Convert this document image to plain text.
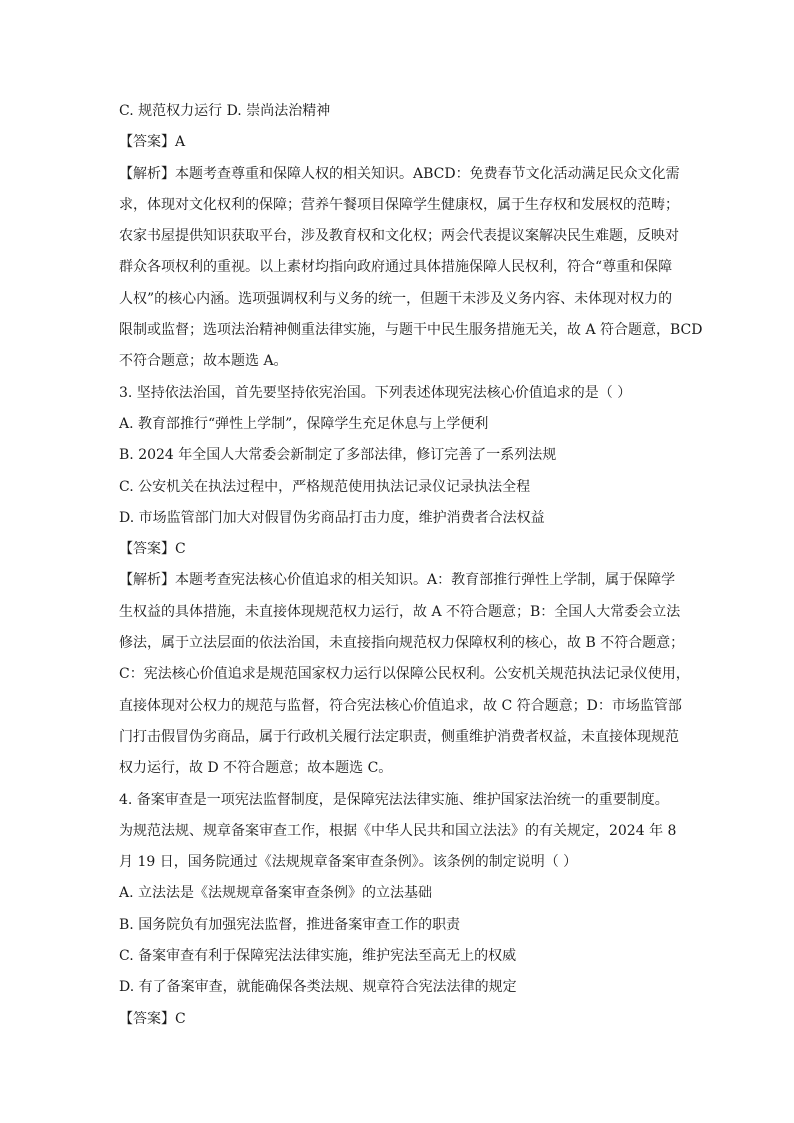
C. 规范权力运行 D. 崇尚法治精神
【答案】A
【解析】本题考查尊重和保障人权的相关知识。ABCD：免费春节文化活动满足民众文化需
求，体现对文化权利的保障；营养午餐项目保障学生健康权，属于生存权和发展权的范畴；
农家书屋提供知识获取平台，涉及教育权和文化权；两会代表提议案解决民生难题，反映对
群众各项权利的重视。以上素材均指向政府通过具体措施保障人民权利，符合“尊重和保障
人权”的核心内涵。选项强调权利与义务的统一，但题干未涉及义务内容、未体现对权力的
限制或监督；选项法治精神侧重法律实施，与题干中民生服务措施无关，故 A 符合题意，BCD
不符合题意；故本题选 A。
3. 坚持依法治国，首先要坚持依宪治国。下列表述体现宪法核心价值追求的是（ ）
A. 教育部推行“弹性上学制”，保障学生充足休息与上学便利
B. 2024 年全国人大常委会新制定了多部法律，修订完善了一系列法规
C. 公安机关在执法过程中，严格规范使用执法记录仪记录执法全程
D. 市场监管部门加大对假冒伪劣商品打击力度，维护消费者合法权益
【答案】C
【解析】本题考查宪法核心价值追求的相关知识。A：教育部推行弹性上学制，属于保障学
生权益的具体措施，未直接体现规范权力运行，故 A 不符合题意；B：全国人大常委会立法
修法，属于立法层面的依法治国，未直接指向规范权力保障权利的核心，故 B 不符合题意；
C：宪法核心价值追求是规范国家权力运行以保障公民权利。公安机关规范执法记录仪使用，
直接体现对公权力的规范与监督，符合宪法核心价值追求，故 C 符合题意；D：市场监管部
门打击假冒伪劣商品，属于行政机关履行法定职责，侧重维护消费者权益，未直接体现规范
权力运行，故 D 不符合题意；故本题选 C。
4. 备案审查是一项宪法监督制度，是保障宪法法律实施、维护国家法治统一的重要制度。
为规范法规、规章备案审查工作，根据《中华人民共和国立法法》的有关规定，2024 年 8
月 19 日，国务院通过《法规规章备案审查条例》。该条例的制定说明（ ）
A. 立法法是《法规规章备案审查条例》的立法基础
B. 国务院负有加强宪法监督，推进备案审查工作的职责
C. 备案审查有利于保障宪法法律实施，维护宪法至高无上的权威
D. 有了备案审查，就能确保各类法规、规章符合宪法法律的规定
【答案】C
